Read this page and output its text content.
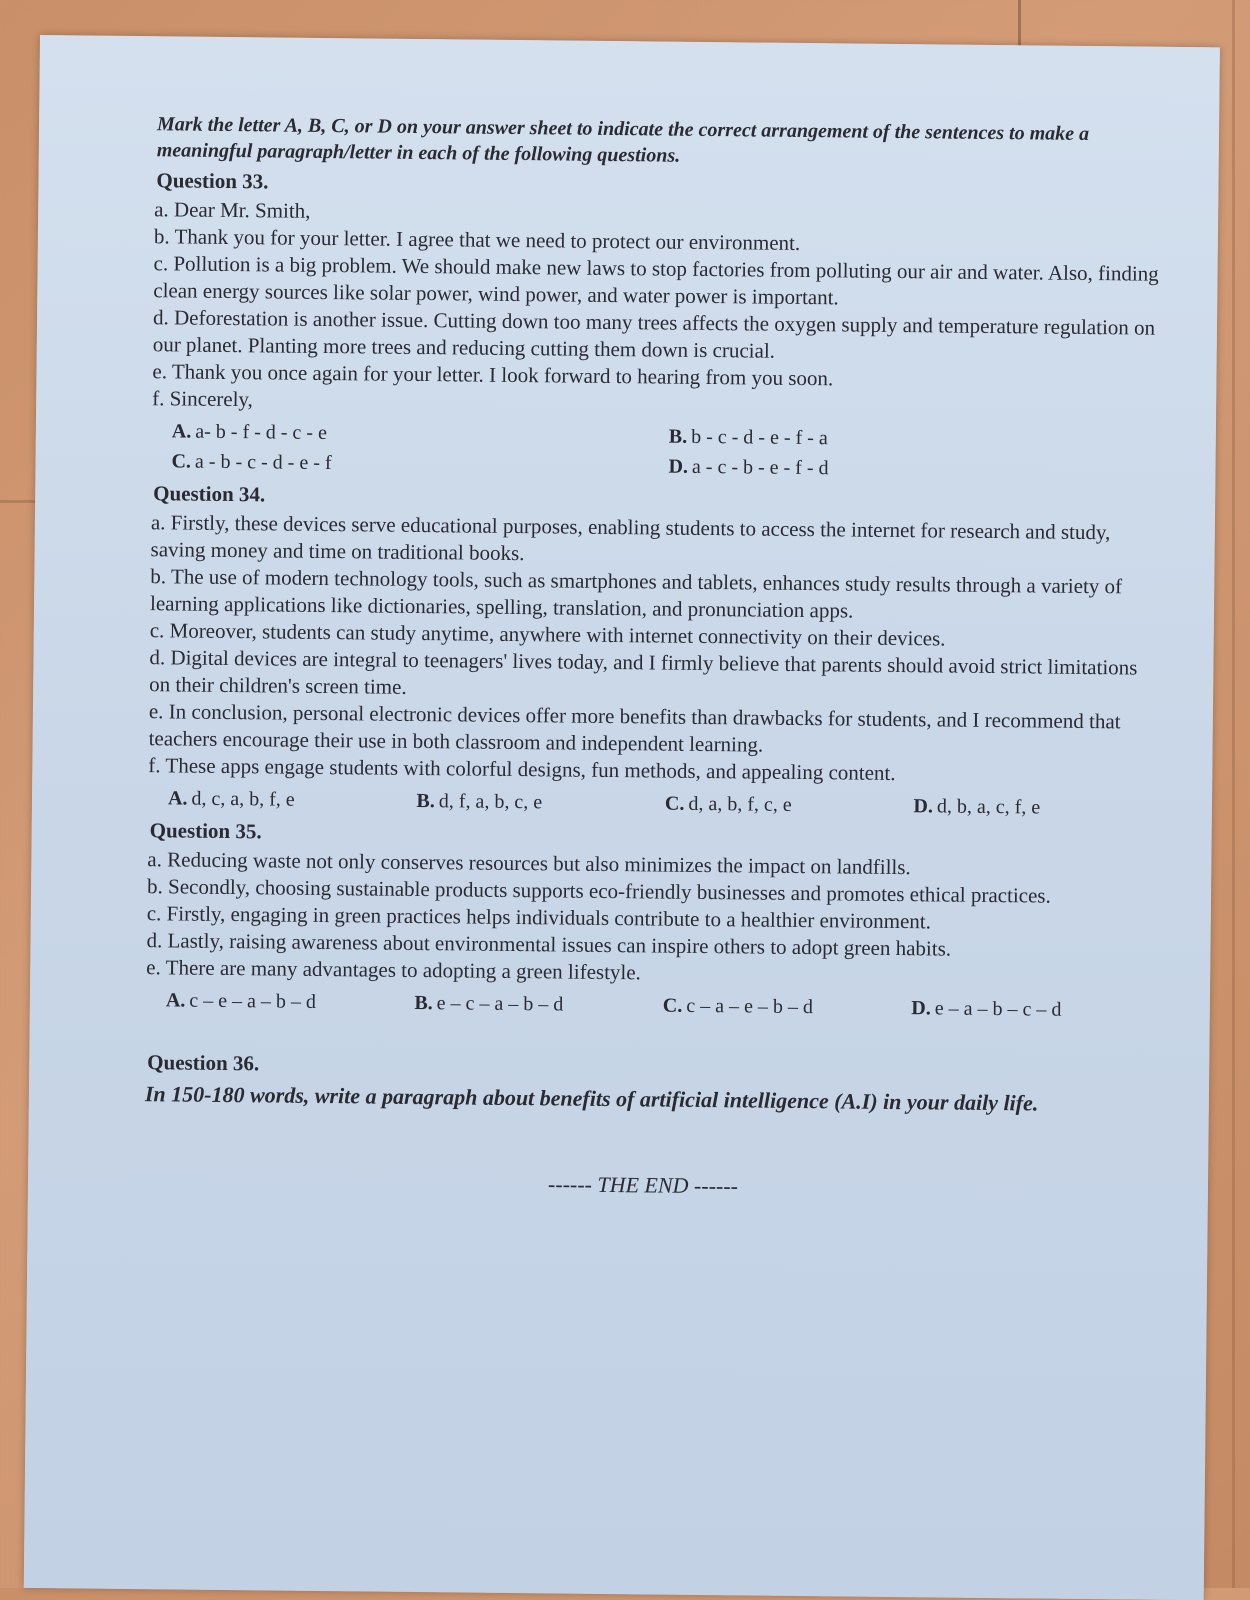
Mark the letter A, B, C, or D on your answer sheet to indicate the correct arrangement of the sentences to make a meaningful paragraph/letter in each of the following questions.
Question 33.

a. Dear Mr. Smith,

b. Thank you for your letter. I agree that we need to protect our environment.

c. Pollution is a big problem. We should make new laws to stop factories from polluting our air and water. Also, finding clean energy sources like solar power, wind power, and water power is important.

d. Deforestation is another issue. Cutting down too many trees affects the oxygen supply and temperature regulation on our planet. Planting more trees and reducing cutting them down is crucial.

e. Thank you once again for your letter. I look forward to hearing from you soon.

f. Sincerely,

A. a- b - f - d - c - e	B. b - c - d - e - f - a
C. a - b - c - d - e - f	D. a - c - b - e - f - d
Question 34.

a. Firstly, these devices serve educational purposes, enabling students to access the internet for research and study, saving money and time on traditional books.

b. The use of modern technology tools, such as smartphones and tablets, enhances study results through a variety of learning applications like dictionaries, spelling, translation, and pronunciation apps.

c. Moreover, students can study anytime, anywhere with internet connectivity on their devices.

d. Digital devices are integral to teenagers' lives today, and I firmly believe that parents should avoid strict limitations on their children's screen time.

e. In conclusion, personal electronic devices offer more benefits than drawbacks for students, and I recommend that teachers encourage their use in both classroom and independent learning.

f. These apps engage students with colorful designs, fun methods, and appealing content.

A. d, c, a, b, f, e	B. d, f, a, b, c, e	C. d, a, b, f, c, e	D. d, b, a, c, f, e
Question 35.

a. Reducing waste not only conserves resources but also minimizes the impact on landfills.

b. Secondly, choosing sustainable products supports eco-friendly businesses and promotes ethical practices.

c. Firstly, engaging in green practices helps individuals contribute to a healthier environment.

d. Lastly, raising awareness about environmental issues can inspire others to adopt green habits.

e. There are many advantages to adopting a green lifestyle.

A. c – e – a – b – d	B. e – c – a – b – d	C. c – a – e – b – d	D. e – a – b – c – d
Question 36.
In 150-180 words, write a paragraph about benefits of artificial intelligence (A.I) in your daily life.
------ THE END ------
